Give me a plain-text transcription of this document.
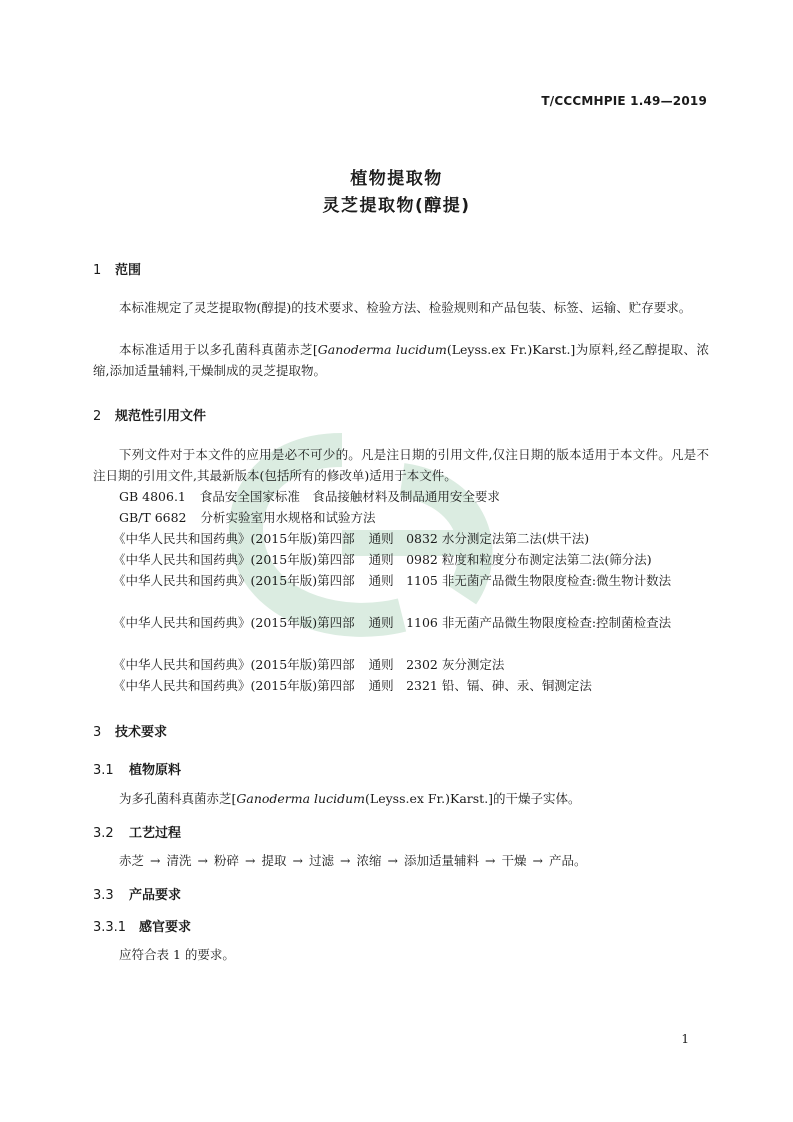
T/CCCMHPIE 1.49—2019
植物提取物
灵芝提取物(醇提)
1 范围
本标准规定了灵芝提取物(醇提)的技术要求、检验方法、检验规则和产品包装、标签、运输、贮存要求。
本标准适用于以多孔菌科真菌赤芝[Ganoderma lucidum(Leyss.ex Fr.)Karst.]为原料,经乙醇提取、浓缩,添加适量辅料,干燥制成的灵芝提取物。
2 规范性引用文件
下列文件对于本文件的应用是必不可少的。凡是注日期的引用文件,仅注日期的版本适用于本文件。凡是不注日期的引用文件,其最新版本(包括所有的修改单)适用于本文件。
GB 4806.1 食品安全国家标准　食品接触材料及制品通用安全要求
GB/T 6682 分析实验室用水规格和试验方法
《中华人民共和国药典》(2015年版)第四部 通则　0832 水分测定法第二法(烘干法)
《中华人民共和国药典》(2015年版)第四部 通则　0982 粒度和粒度分布测定法第二法(筛分法)
《中华人民共和国药典》(2015年版)第四部 通则　1105 非无菌产品微生物限度检查:微生物计数法
《中华人民共和国药典》(2015年版)第四部 通则　1106 非无菌产品微生物限度检查:控制菌检查法
《中华人民共和国药典》(2015年版)第四部 通则　2302 灰分测定法
《中华人民共和国药典》(2015年版)第四部 通则　2321 铅、镉、砷、汞、铜测定法
3 技术要求
3.1 植物原料
为多孔菌科真菌赤芝[Ganoderma lucidum(Leyss.ex Fr.)Karst.]的干燥子实体。
3.2 工艺过程
赤芝 → 清洗 → 粉碎 → 提取 → 过滤 → 浓缩 → 添加适量辅料 → 干燥 → 产品。
3.3 产品要求
3.3.1 感官要求
应符合表 1 的要求。
1
